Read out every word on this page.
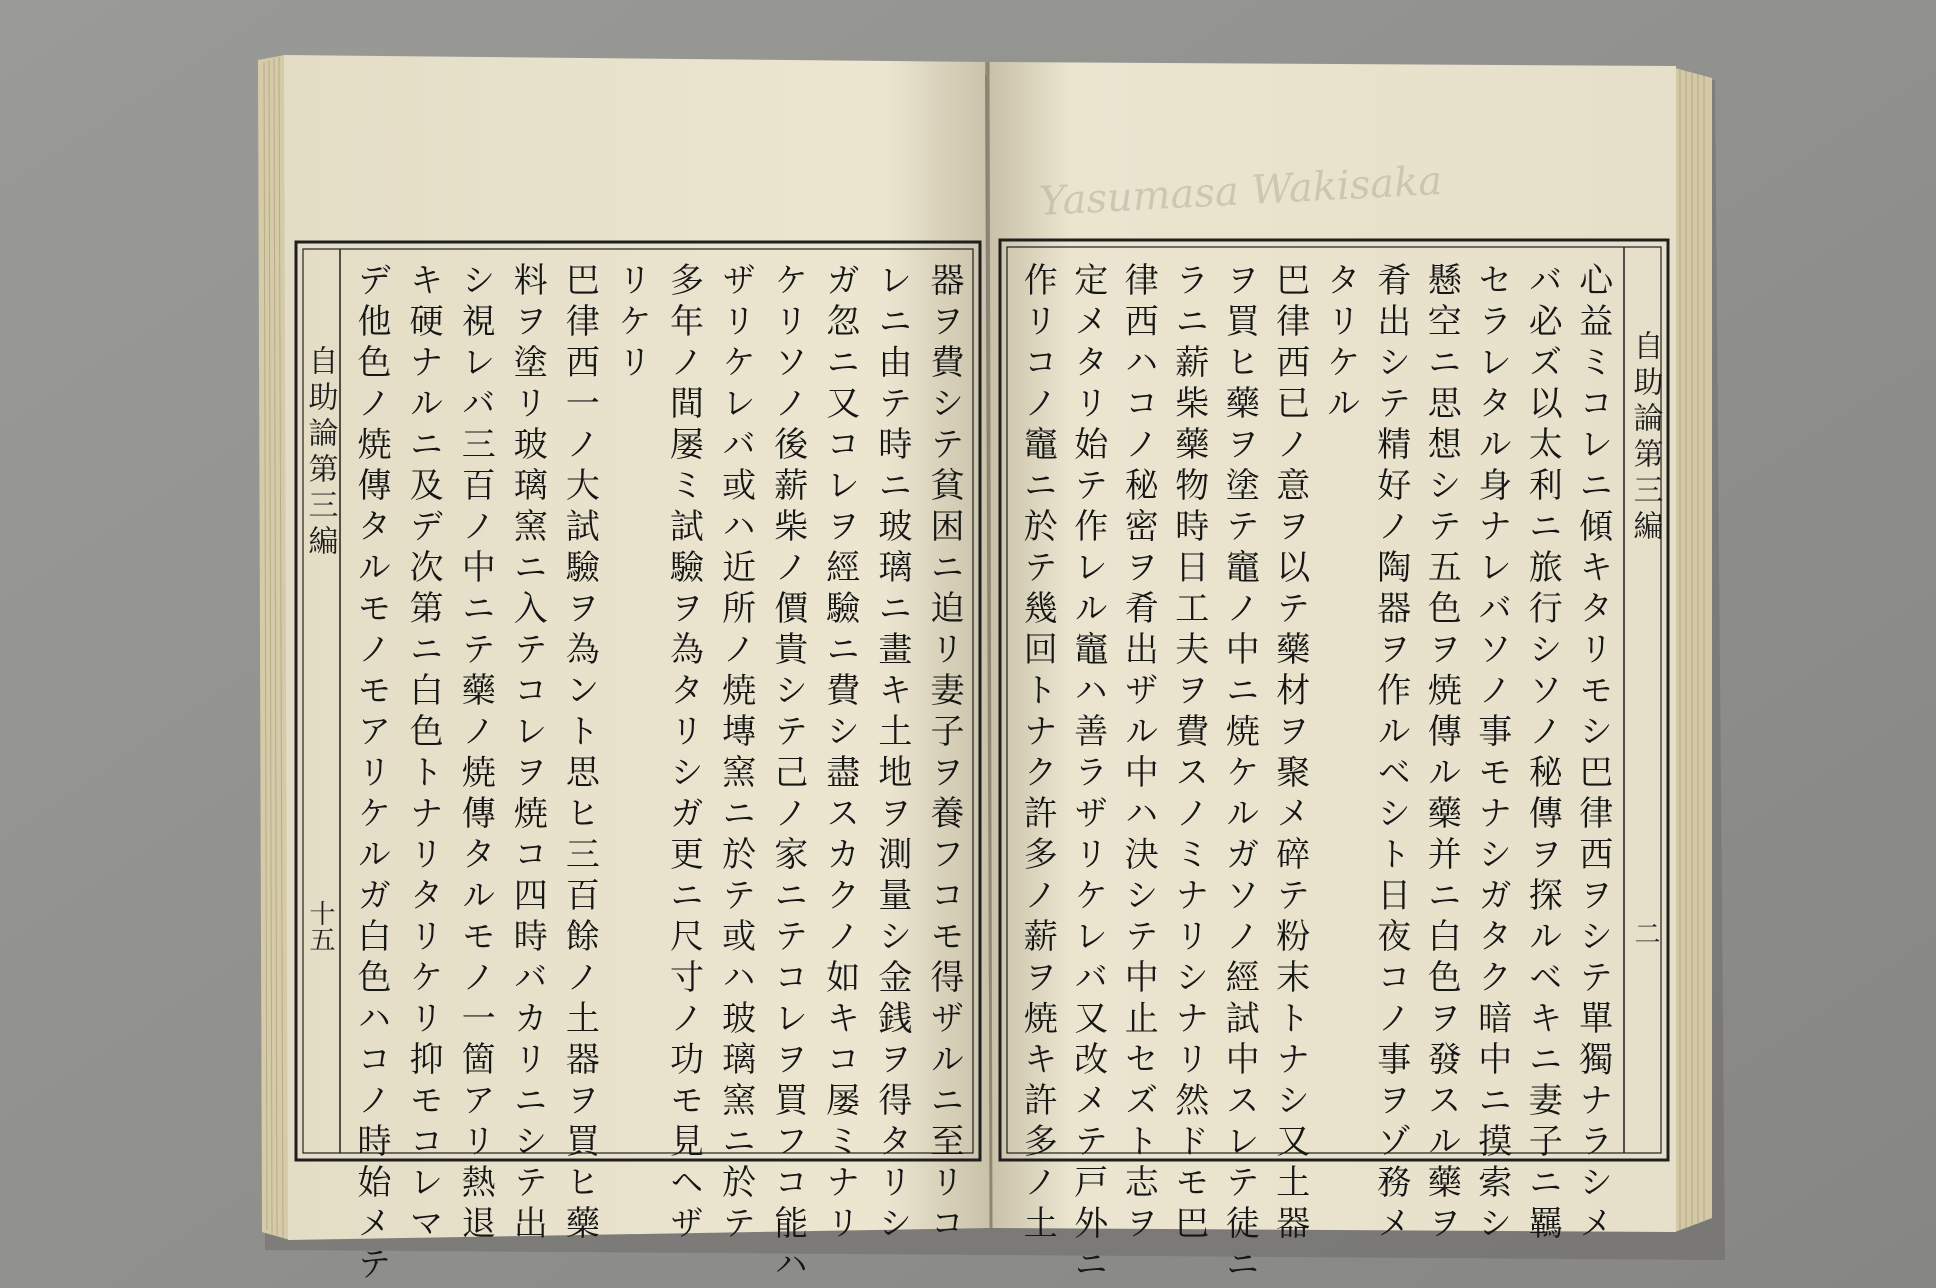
Yasumasa Wakisaka
自助論第三編
十五
自助論第三編
二
器ヲ費シテ貧困ニ迫リ妻子ヲ養フコモ得ザルニ至リコ
レニ由テ時ニ玻璃ニ畫キ土地ヲ測量シ金銭ヲ得タリシ
ガ忽ニ又コレヲ經驗ニ費シ盡スカクノ如キコ屡ミナリ
ケリソノ後薪柴ノ價貴シテ己ノ家ニテコレヲ買フコ能ハ
ザリケレバ或ハ近所ノ焼塼窯ニ於テ或ハ玻璃窯ニ於テ
多年ノ間屡ミ試驗ヲ為タリシガ更ニ尺寸ノ功モ見ヘザ
リケリ
巴律西一ノ大試驗ヲ為ント思ヒ三百餘ノ土器ヲ買ヒ藥
料ヲ塗リ玻璃窯ニ入テコレヲ焼コ四時バカリニシテ出
シ視レバ三百ノ中ニテ藥ノ焼傳タルモノ一箇アリ熱退
キ硬ナルニ及デ次第ニ白色トナリタリケリ抑モコレマ
デ他色ノ焼傳タルモノモアリケルガ白色ハコノ時始メテ	心益ミコレニ傾キタリモシ巴律西ヲシテ單獨ナラシメ
バ必ズ以太利ニ旅行シソノ秘傳ヲ探ルベキニ妻子ニ羈
セラレタル身ナレバソノ事モナシガタク暗中ニ摸索シ
懸空ニ思想シテ五色ヲ焼傳ル藥并ニ白色ヲ發スル藥ヲ
肴出シテ精好ノ陶器ヲ作ルベシト日夜コノ事ヲゾ務メ
タリケル
巴律西已ノ意ヲ以テ藥材ヲ聚メ碎テ粉末トナシ又土器
ヲ買ヒ藥ヲ塗テ竈ノ中ニ焼ケルガソノ經試中スレテ徒ニ
ラニ薪柴藥物時日工夫ヲ費スノミナリシナリ然ドモ巴
律西ハコノ秘密ヲ肴出ザル中ハ決シテ中止セズト志ヲ
定メタリ始テ作レル竈ハ善ラザリケレバ又改メテ戸外ニ
作リコノ竈ニ於テ幾回トナク許多ノ薪ヲ焼キ許多ノ土
